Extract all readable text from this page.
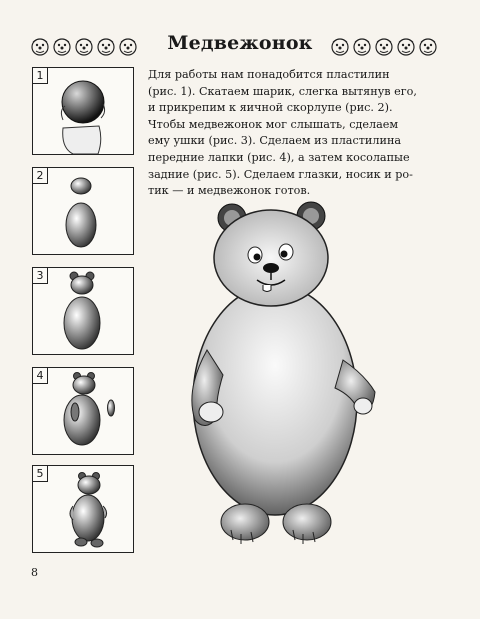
Медвежонок
Для работы нам понадобится пластилин
(рис. 1). Скатаем шарик, слегка вытянув его,
и прикрепим к яичной скорлупе (рис. 2).
Чтобы медвежонок мог слышать, сделаем
ему ушки (рис. 3). Сделаем из пластилина
передние лапки (рис. 4), а затем косолапые
задние (рис. 5). Сделаем глазки, носик и ро-
тик — и медвежонок готов.
1
2
3
4
5
8
